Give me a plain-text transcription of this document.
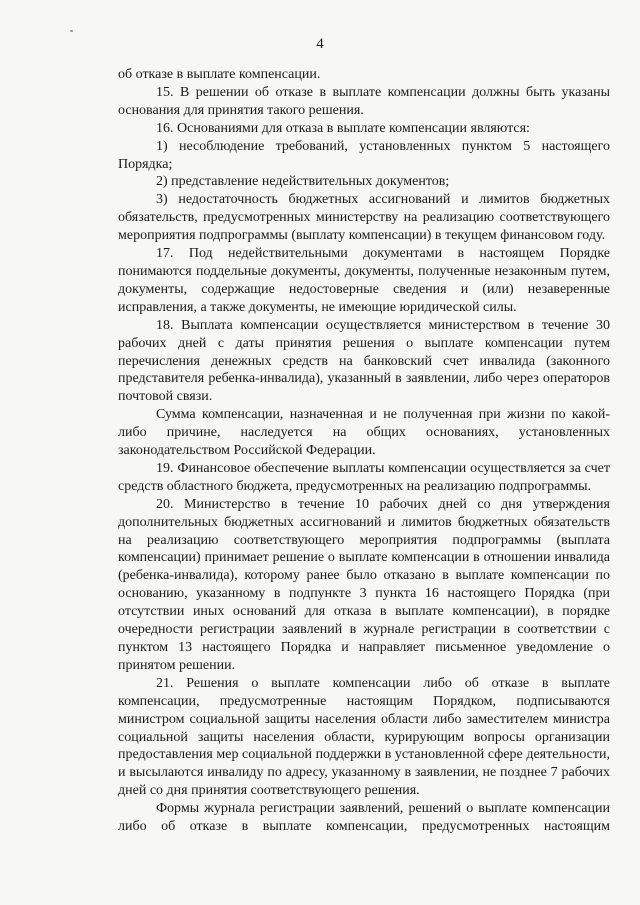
4

об отказе в выплате компенсации.

15. В решении об отказе в выплате компенсации должны быть указаны основания для принятия такого решения.

16. Основаниями для отказа в выплате компенсации являются:

1) несоблюдение требований, установленных пунктом 5 настоящего Порядка;

2) представление недействительных документов;

3) недостаточность бюджетных ассигнований и лимитов бюджетных обязательств, предусмотренных министерству на реализацию соответствующего мероприятия подпрограммы (выплату компенсации) в текущем финансовом году.

17. Под недействительными документами в настоящем Порядке понимаются поддельные документы, документы, полученные незаконным путем, документы, содержащие недостоверные сведения и (или) незаверенные исправления, а также документы, не имеющие юридической силы.

18. Выплата компенсации осуществляется министерством в течение 30 рабочих дней с даты принятия решения о выплате компенсации путем перечисления денежных средств на банковский счет инвалида (законного представителя ребенка-инвалида), указанный в заявлении, либо через операторов почтовой связи.

Сумма компенсации, назначенная и не полученная при жизни по какой-либо причине, наследуется на общих основаниях, установленных законодательством Российской Федерации.

19. Финансовое обеспечение выплаты компенсации осуществляется за счет средств областного бюджета, предусмотренных на реализацию подпрограммы.

20. Министерство в течение 10 рабочих дней со дня утверждения дополнительных бюджетных ассигнований и лимитов бюджетных обязательств на реализацию соответствующего мероприятия подпрограммы (выплата компенсации) принимает решение о выплате компенсации в отношении инвалида (ребенка-инвалида), которому ранее было отказано в выплате компенсации по основанию, указанному в подпункте 3 пункта 16 настоящего Порядка (при отсутствии иных оснований для отказа в выплате компенсации), в порядке очередности регистрации заявлений в журнале регистрации в соответствии с пунктом 13 настоящего Порядка и направляет письменное уведомление о принятом решении.

21. Решения о выплате компенсации либо об отказе в выплате компенсации, предусмотренные настоящим Порядком, подписываются министром социальной защиты населения области либо заместителем министра социальной защиты населения области, курирующим вопросы организации предоставления мер социальной поддержки в установленной сфере деятельности, и высылаются инвалиду по адресу, указанному в заявлении, не позднее 7 рабочих дней со дня принятия соответствующего решения.

Формы журнала регистрации заявлений, решений о выплате компенсации либо об отказе в выплате компенсации, предусмотренных настоящим
